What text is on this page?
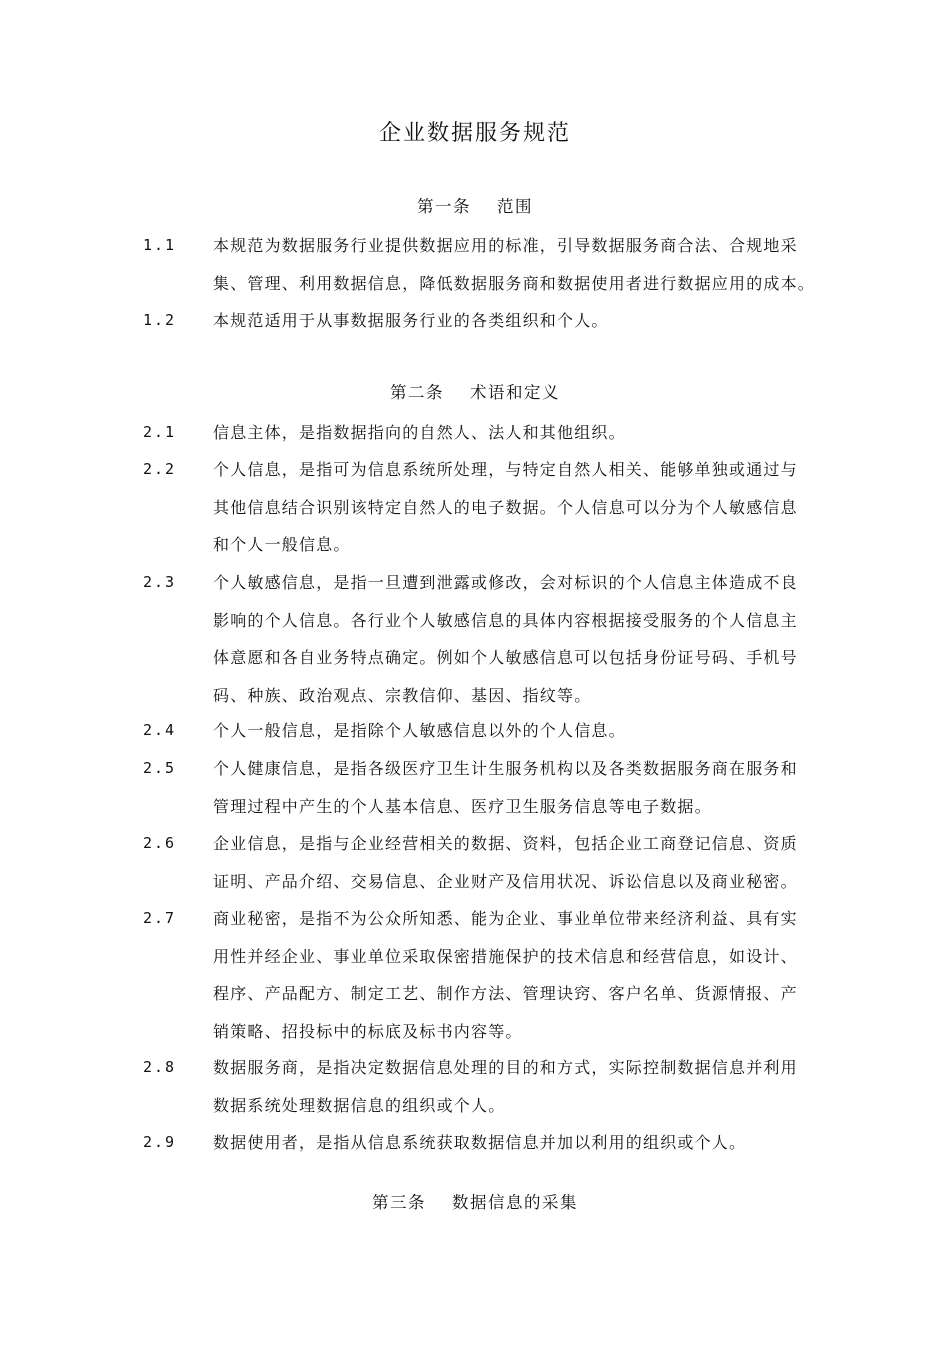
企业数据服务规范
第一条 范围
1.1	本规范为数据服务行业提供数据应用的标准，引导数据服务商合法、合规地采
集、管理、利用数据信息，降低数据服务商和数据使用者进行数据应用的成本。
1.2	本规范适用于从事数据服务行业的各类组织和个人。
第二条 术语和定义
2.1	信息主体，是指数据指向的自然人、法人和其他组织。
2.2	个人信息，是指可为信息系统所处理，与特定自然人相关、能够单独或通过与
其他信息结合识别该特定自然人的电子数据。个人信息可以分为个人敏感信息
和个人一般信息。
2.3	个人敏感信息，是指一旦遭到泄露或修改，会对标识的个人信息主体造成不良
影响的个人信息。各行业个人敏感信息的具体内容根据接受服务的个人信息主
体意愿和各自业务特点确定。例如个人敏感信息可以包括身份证号码、手机号
码、种族、政治观点、宗教信仰、基因、指纹等。
2.4	个人一般信息，是指除个人敏感信息以外的个人信息。
2.5	个人健康信息，是指各级医疗卫生计生服务机构以及各类数据服务商在服务和
管理过程中产生的个人基本信息、医疗卫生服务信息等电子数据。
2.6	企业信息，是指与企业经营相关的数据、资料，包括企业工商登记信息、资质
证明、产品介绍、交易信息、企业财产及信用状况、诉讼信息以及商业秘密。
2.7	商业秘密，是指不为公众所知悉、能为企业、事业单位带来经济利益、具有实
用性并经企业、事业单位采取保密措施保护的技术信息和经营信息，如设计、
程序、产品配方、制定工艺、制作方法、管理诀窍、客户名单、货源情报、产
销策略、招投标中的标底及标书内容等。
2.8	数据服务商，是指决定数据信息处理的目的和方式，实际控制数据信息并利用
数据系统处理数据信息的组织或个人。
2.9	数据使用者，是指从信息系统获取数据信息并加以利用的组织或个人。
第三条 数据信息的采集
